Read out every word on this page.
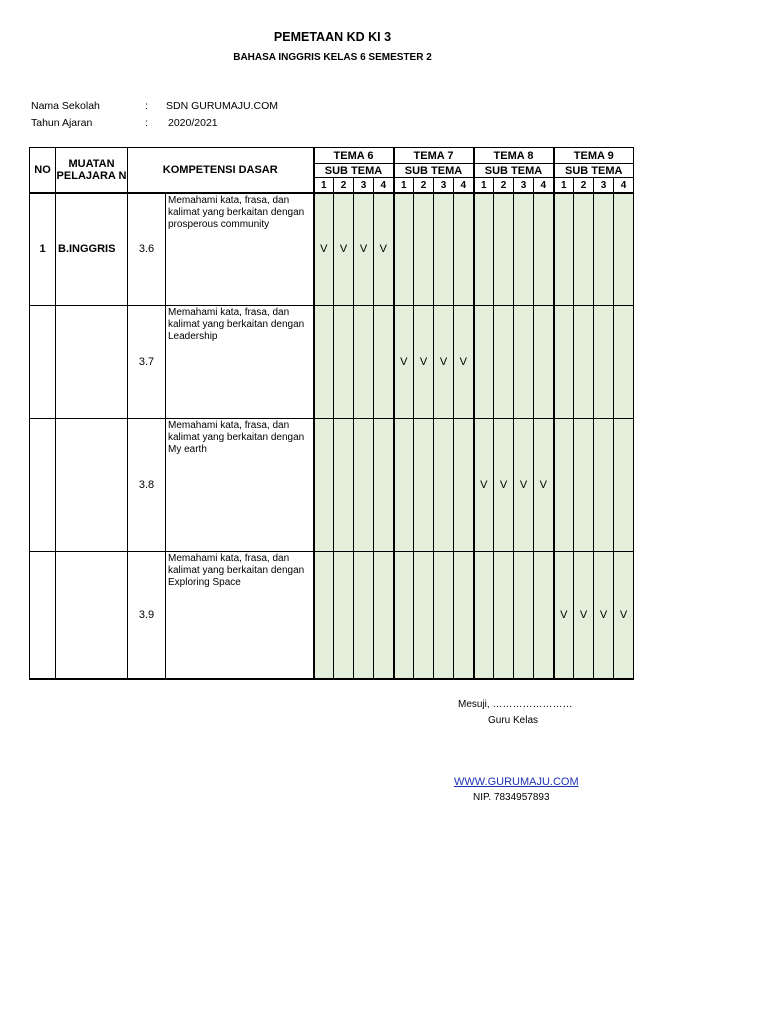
PEMETAAN KD KI 3
BAHASA INGGRIS KELAS 6 SEMESTER 2
Nama Sekolah	: SDN GURUMAJU.COM
Tahun Ajaran	: 2020/2021
NO	MUATAN PELAJARA N	KOMPETENSI DASAR		TEMA 6				TEMA 7				TEMA 8				TEMA 9			
				SUB TEMA				SUB TEMA				SUB TEMA				SUB TEMA			
				1	2	3	4	1	2	3	4	1	2	3	4	1	2	3	4
1	B.INGGRIS	3.6	Memahami kata, frasa, dan kalimat yang berkaitan dengan prosperous community	V	V	V	V												
		3.7	Memahami kata, frasa, dan kalimat yang berkaitan dengan Leadership					V	V	V	V								
		3.8	Memahami kata, frasa, dan kalimat yang berkaitan dengan My earth									V	V	V	V				
		3.9	Memahami kata, frasa, dan kalimat yang berkaitan dengan Exploring Space													V	V	V	V
Mesuji, ……………………
Guru Kelas
WWW.GURUMAJU.COM
NIP. 7834957893
